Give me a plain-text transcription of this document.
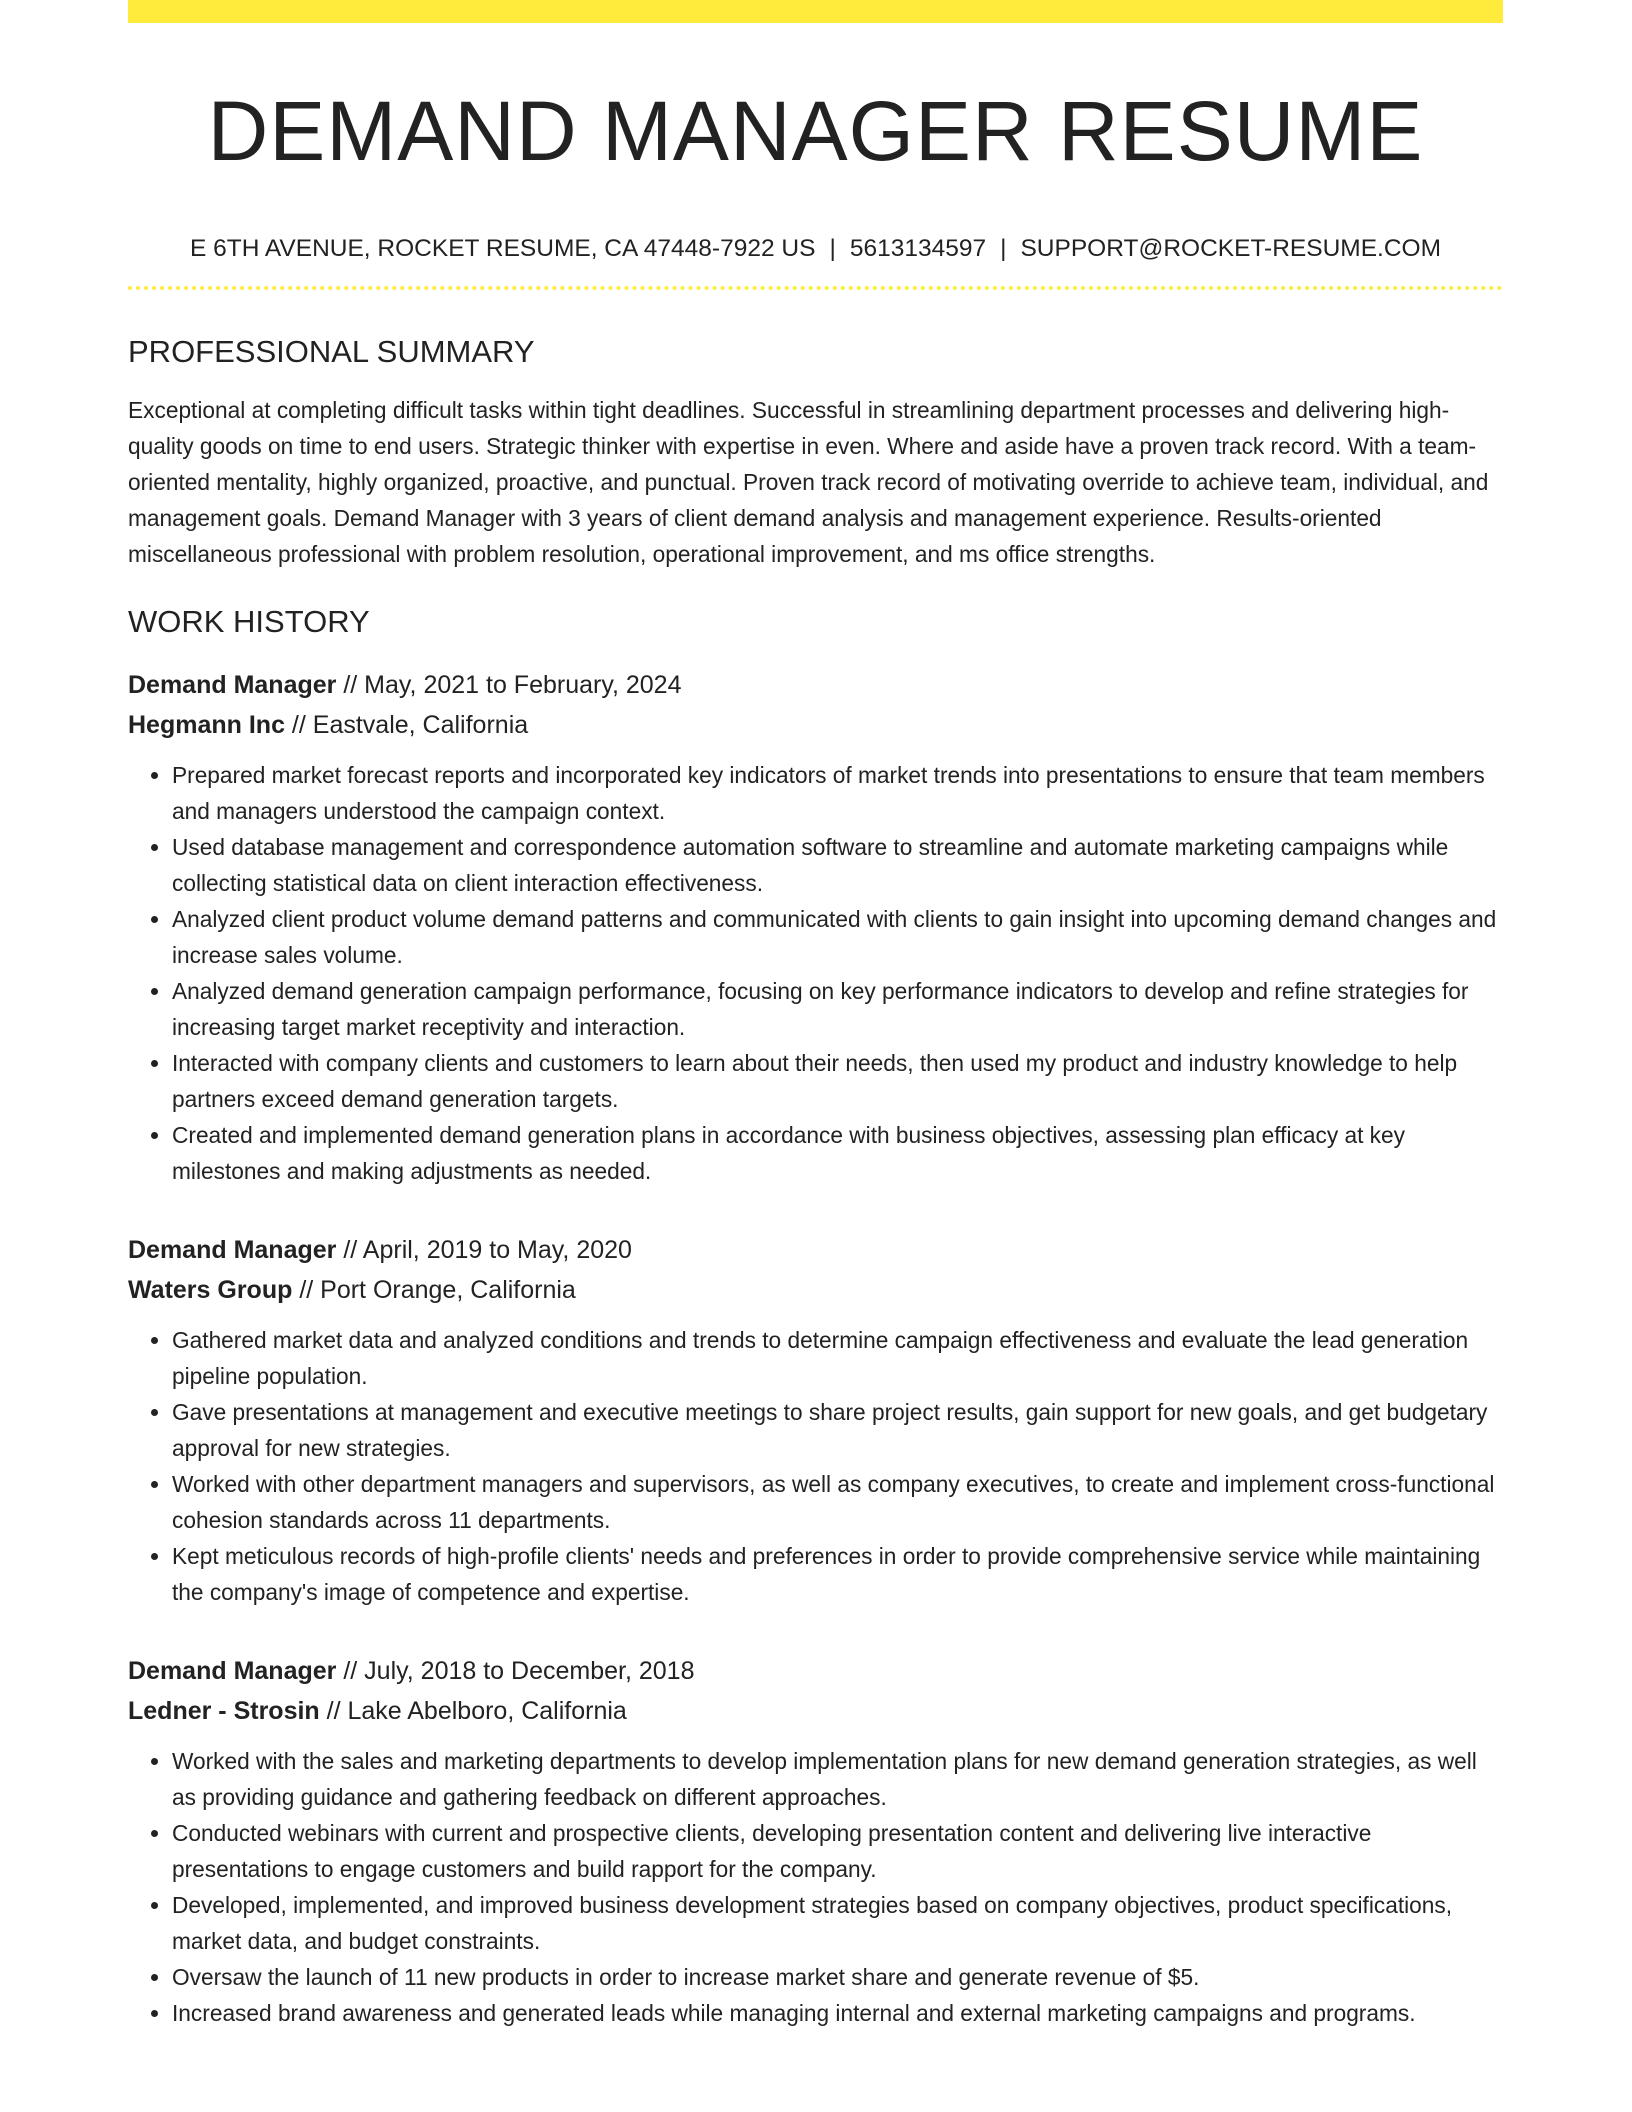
DEMAND MANAGER RESUME
E 6TH AVENUE, ROCKET RESUME, CA 47448-7922 US | 5613134597 | SUPPORT@ROCKET-RESUME.COM
PROFESSIONAL SUMMARY
Exceptional at completing difficult tasks within tight deadlines. Successful in streamlining department processes and delivering high-quality goods on time to end users. Strategic thinker with expertise in even. Where and aside have a proven track record. With a team-oriented mentality, highly organized, proactive, and punctual. Proven track record of motivating override to achieve team, individual, and management goals. Demand Manager with 3 years of client demand analysis and management experience. Results-oriented miscellaneous professional with problem resolution, operational improvement, and ms office strengths.
WORK HISTORY
Demand Manager // May, 2021 to February, 2024
Hegmann Inc // Eastvale, California
• Prepared market forecast reports and incorporated key indicators of market trends into presentations to ensure that team members and managers understood the campaign context.
• Used database management and correspondence automation software to streamline and automate marketing campaigns while collecting statistical data on client interaction effectiveness.
• Analyzed client product volume demand patterns and communicated with clients to gain insight into upcoming demand changes and increase sales volume.
• Analyzed demand generation campaign performance, focusing on key performance indicators to develop and refine strategies for increasing target market receptivity and interaction.
• Interacted with company clients and customers to learn about their needs, then used my product and industry knowledge to help partners exceed demand generation targets.
• Created and implemented demand generation plans in accordance with business objectives, assessing plan efficacy at key milestones and making adjustments as needed.
Demand Manager // April, 2019 to May, 2020
Waters Group // Port Orange, California
• Gathered market data and analyzed conditions and trends to determine campaign effectiveness and evaluate the lead generation pipeline population.
• Gave presentations at management and executive meetings to share project results, gain support for new goals, and get budgetary approval for new strategies.
• Worked with other department managers and supervisors, as well as company executives, to create and implement cross-functional cohesion standards across 11 departments.
• Kept meticulous records of high-profile clients' needs and preferences in order to provide comprehensive service while maintaining the company's image of competence and expertise.
Demand Manager // July, 2018 to December, 2018
Ledner - Strosin // Lake Abelboro, California
• Worked with the sales and marketing departments to develop implementation plans for new demand generation strategies, as well as providing guidance and gathering feedback on different approaches.
• Conducted webinars with current and prospective clients, developing presentation content and delivering live interactive presentations to engage customers and build rapport for the company.
• Developed, implemented, and improved business development strategies based on company objectives, product specifications, market data, and budget constraints.
• Oversaw the launch of 11 new products in order to increase market share and generate revenue of $5.
• Increased brand awareness and generated leads while managing internal and external marketing campaigns and programs.
